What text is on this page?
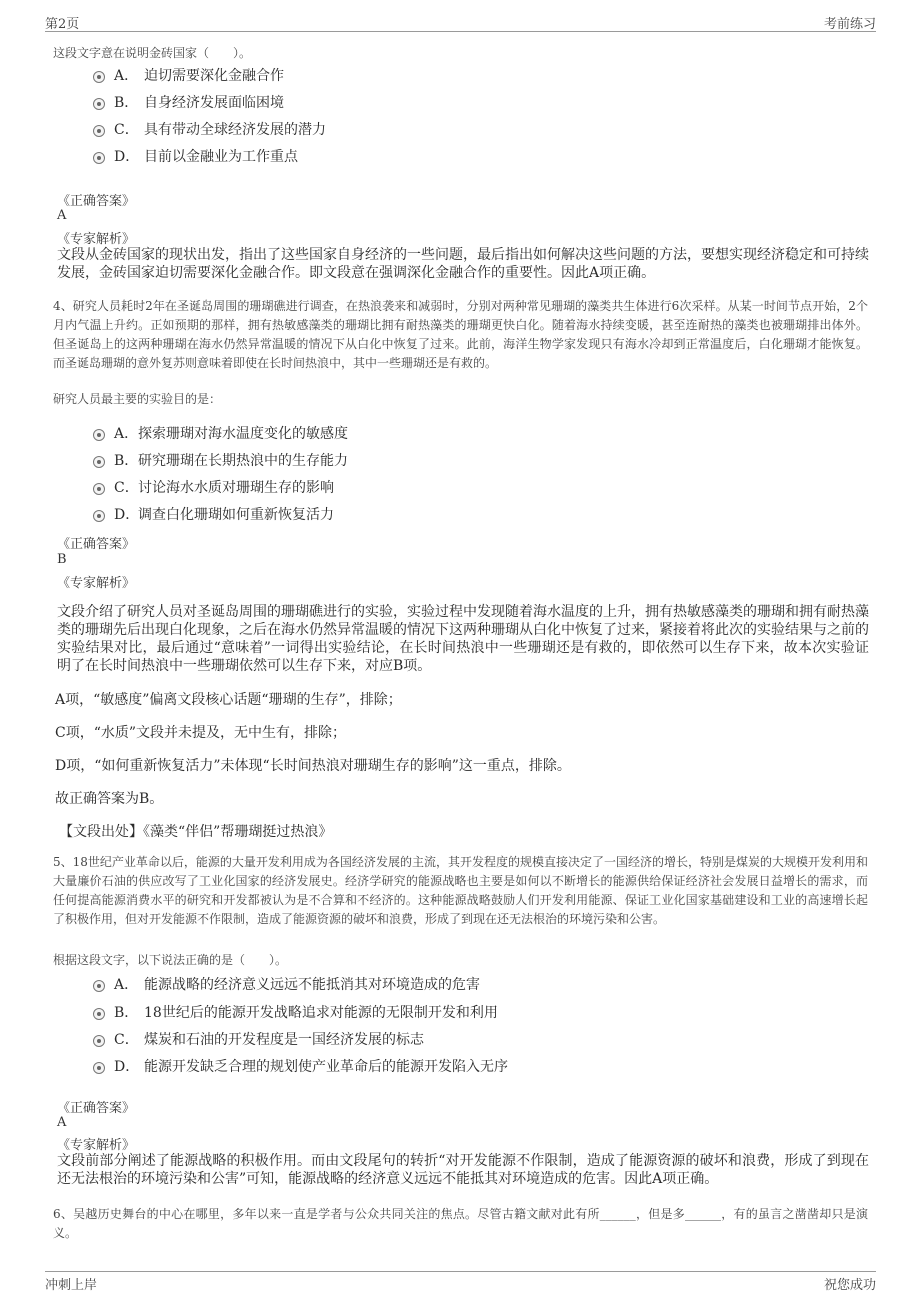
第2页	考前练习
这段文字意在说明金砖国家（　　）。
A． 迫切需要深化金融合作
B． 自身经济发展面临困境
C． 具有带动全球经济发展的潜力
D． 目前以金融业为工作重点
《正确答案》
A
《专家解析》
文段从金砖国家的现状出发，指出了这些国家自身经济的一些问题，最后指出如何解决这些问题的方法，要想实现经济稳定和可持续发展，金砖国家迫切需要深化金融合作。即文段意在强调深化金融合作的重要性。因此A项正确。
4、研究人员耗时2年在圣诞岛周围的珊瑚礁进行调查，在热浪袭来和减弱时，分别对两种常见珊瑚的藻类共生体进行6次采样。从某一时间节点开始，2个月内气温上升约。正如预期的那样，拥有热敏感藻类的珊瑚比拥有耐热藻类的珊瑚更快白化。随着海水持续变暖，甚至连耐热的藻类也被珊瑚排出体外。但圣诞岛上的这两种珊瑚在海水仍然异常温暖的情况下从白化中恢复了过来。此前，海洋生物学家发现只有海水冷却到正常温度后，白化珊瑚才能恢复。而圣诞岛珊瑚的意外复苏则意味着即使在长时间热浪中，其中一些珊瑚还是有救的。
研究人员最主要的实验目的是：
A． 探索珊瑚对海水温度变化的敏感度
B． 研究珊瑚在长期热浪中的生存能力
C． 讨论海水水质对珊瑚生存的影响
D．
调查白化珊瑚如何重新恢复活力
《正确答案》
B
《专家解析》
文段介绍了研究人员对圣诞岛周围的珊瑚礁进行的实验，实验过程中发现随着海水温度的上升，拥有热敏感藻类的珊瑚和拥有耐热藻类的珊瑚先后出现白化现象，之后在海水仍然异常温暖的情况下这两种珊瑚从白化中恢复了过来，紧接着将此次的实验结果与之前的实验结果对比，最后通过“意味着”一词得出实验结论，在长时间热浪中一些珊瑚还是有救的，即依然可以生存下来，故本次实验证明了在长时间热浪中一些珊瑚依然可以生存下来，对应B项。
A项，“敏感度”偏离文段核心话题“珊瑚的生存”，排除；
C项，“水质”文段并未提及，无中生有，排除；
D项，“如何重新恢复活力”未体现“长时间热浪对珊瑚生存的影响”这一重点，排除。
故正确答案为B。
【文段出处】《藻类“伴侣”帮珊瑚挺过热浪》
5、18世纪产业革命以后，能源的大量开发利用成为各国经济发展的主流，其开发程度的规模直接决定了一国经济的增长，特别是煤炭的大规模开发利用和大量廉价石油的供应改写了工业化国家的经济发展史。经济学研究的能源战略也主要是如何以不断增长的能源供给保证经济社会发展日益增长的需求，而任何提高能源消费水平的研究和开发都被认为是不合算和不经济的。这种能源战略鼓励人们开发利用能源、保证工业化国家基础建设和工业的高速增长起了积极作用，但对开发能源不作限制，造成了能源资源的破坏和浪费，形成了到现在还无法根治的环境污染和公害。
根据这段文字，以下说法正确的是（　　）。
A． 能源战略的经济意义远远不能抵消其对环境造成的危害
B． 18世纪后的能源开发战略追求对能源的无限制开发和利用
C． 煤炭和石油的开发程度是一国经济发展的标志
D． 能源开发缺乏合理的规划使产业革命后的能源开发陷入无序
《正确答案》
A
《专家解析》
文段前部分阐述了能源战略的积极作用。而由文段尾句的转折“对开发能源不作限制，造成了能源资源的破坏和浪费，形成了到现在还无法根治的环境污染和公害”可知，能源战略的经济意义远远不能抵其对环境造成的危害。因此A项正确。
6、吴越历史舞台的中心在哪里，多年以来一直是学者与公众共同关注的焦点。尽管古籍文献对此有所______，但是多______，有的虽言之凿凿却只是演义。
冲刺上岸	祝您成功
